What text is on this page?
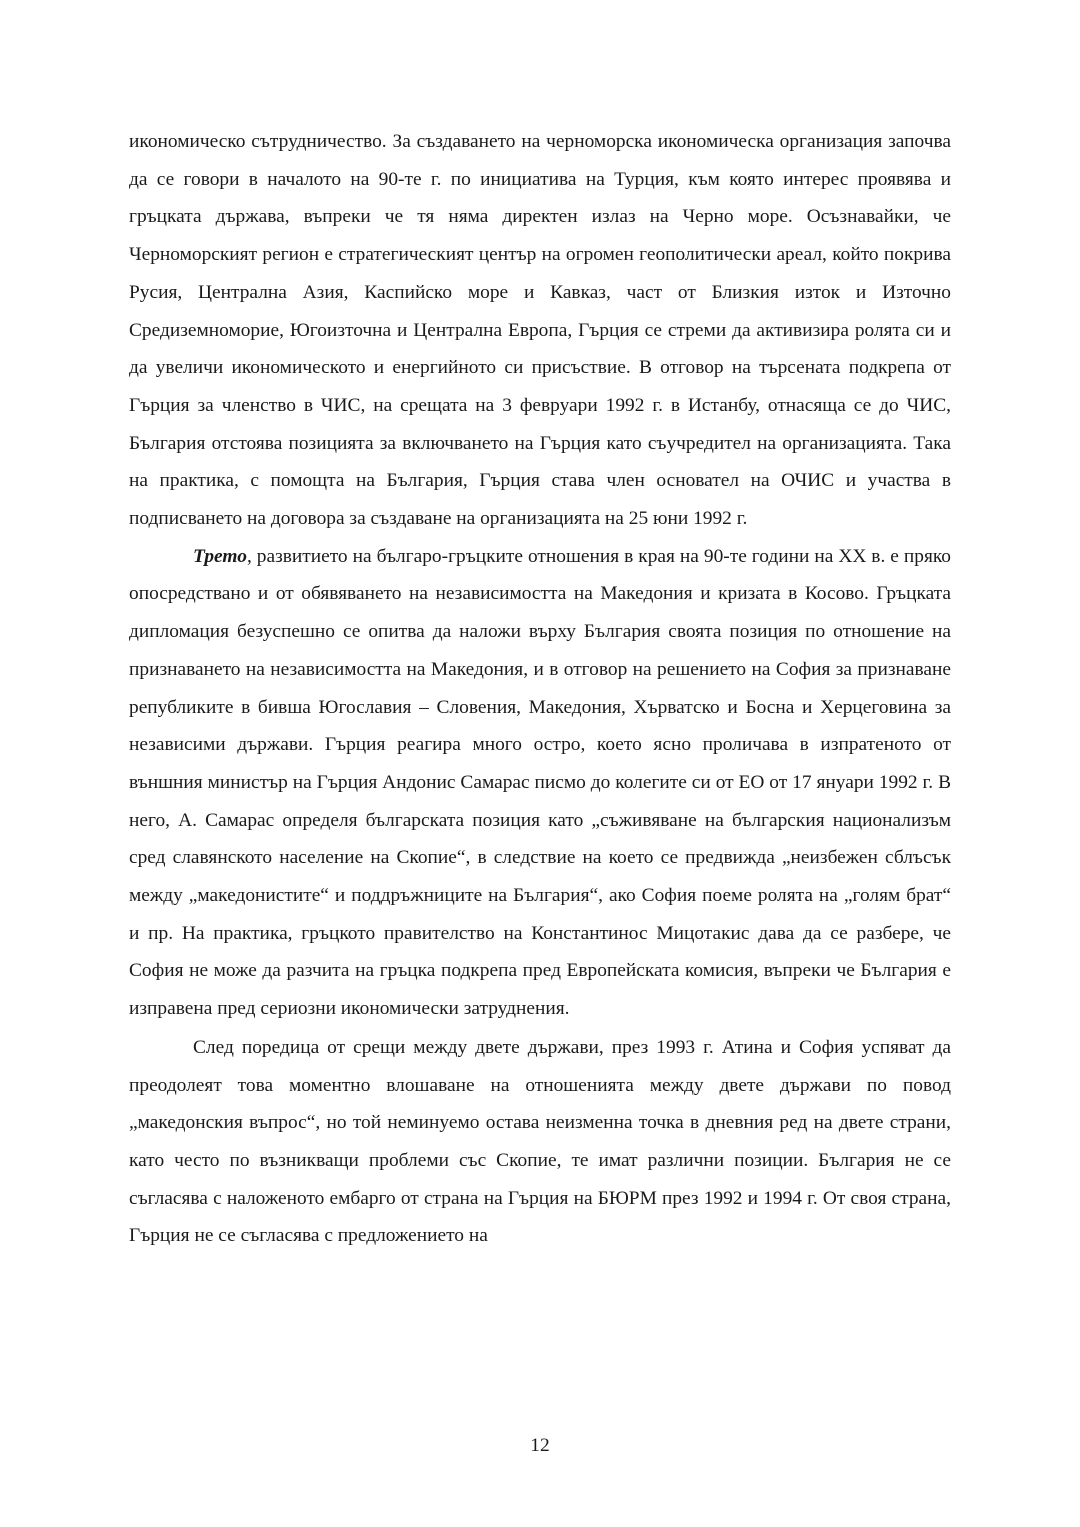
икономическо сътрудничество. За създаването на черноморска икономическа организация започва да се говори в началото на 90-те г. по инициатива на Турция, към която интерес проявява и гръцката държава, въпреки че тя няма директен излаз на Черно море. Осъзнавайки, че Черноморският регион е стратегическият център на огромен геополитически ареал, който покрива Русия, Централна Азия, Каспийско море и Кавказ, част от Близкия изток и Източно Средиземноморие, Югоизточна и Централна Европа, Гърция се стреми да активизира ролята си и да увеличи икономическото и енергийното си присъствие. В отговор на търсената подкрепа от Гърция за членство в ЧИС, на срещата на 3 февруари 1992 г. в Истанбу, отнасяща се до ЧИС, България отстоява позицията за включването на Гърция като съучредител на организацията. Така на практика, с помощта на България, Гърция става член основател на ОЧИС и участва в подписването на договора за създаване на организацията на 25 юни 1992 г.

Трето, развитието на българо-гръцките отношения в края на 90-те години на XX в. е пряко опосредствано и от обявяването на независимостта на Македония и кризата в Косово. Гръцката дипломация безуспешно се опитва да наложи върху България своята позиция по отношение на признаването на независимостта на Македония, и в отговор на решението на София за признаване републиките в бивша Югославия – Словения, Македония, Хърватско и Босна и Херцеговина за независими държави. Гърция реагира много остро, което ясно проличава в изпратеното от външния министър на Гърция Андонис Самарас писмо до колегите си от ЕО от 17 януари 1992 г. В него, А. Самарас определя българската позиция като „съживяване на българския национализъм сред славянското население на Скопие“, в следствие на което се предвижда „неизбежен сблъсък между „македонистите“ и поддръжниците на България“, ако София поеме ролята на „голям брат“ и пр. На практика, гръцкото правителство на Константинос Мицотакис дава да се разбере, че София не може да разчита на гръцка подкрепа пред Европейската комисия, въпреки че България е изправена пред сериозни икономически затруднения.

След поредица от срещи между двете държави, през 1993 г. Атина и София успяват да преодолеят това моментно влошаване на отношенията между двете държави по повод „македонския въпрос“, но той неминуемо остава неизменна точка в дневния ред на двете страни, като често по възникващи проблеми със Скопие, те имат различни позиции. България не се съгласява с наложеното ембарго от страна на Гърция на БЮРМ през 1992 и 1994 г. От своя страна, Гърция не се съгласява с предложението на

12
